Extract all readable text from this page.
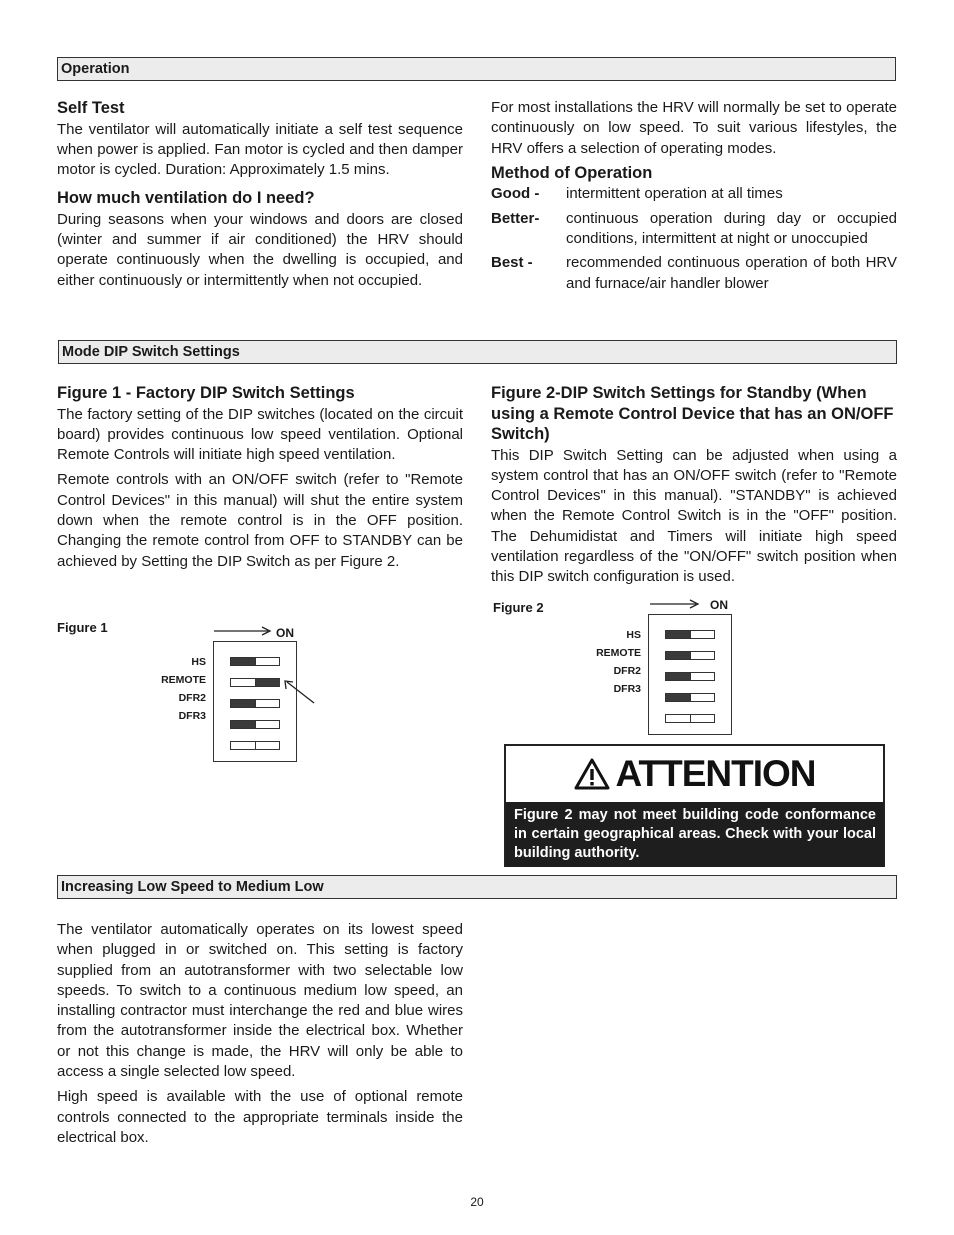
Operation
Self Test

The ventilator will automatically initiate a self test sequence when power is applied. Fan motor is cycled and then damper motor is cycled. Duration: Approximately 1.5 mins.

How much ventilation do I need?

During seasons when your windows and doors are closed (winter and summer if air conditioned) the HRV should operate continuously when the dwelling is occupied, and either continuously or intermittently when not occupied.

For most installations the HRV will normally be set to operate continuously on low speed. To suit various lifestyles, the HRV offers a selection of operating modes.

Method of Operation
Good -	intermittent operation at all times
Better-	continuous operation during day or occupied conditions, intermittent at night or unoccupied
Best -	recommended continuous operation of both HRV and furnace/air handler blower
Mode DIP Switch Settings
Figure 1 - Factory DIP Switch Settings

The factory setting of the DIP switches (located on the circuit board) provides continuous low speed ventilation. Optional Remote Controls will initiate high speed ventilation.

Remote controls with an ON/OFF switch (refer to "Remote Control Devices" in this manual) will shut the entire system down when the remote control is in the OFF position. Changing the remote control from OFF to STANDBY can be achieved by Setting the DIP Switch as per Figure 2.

Figure 2-DIP Switch Settings for Standby (When using a Remote Control Device that has an ON/OFF Switch)

This DIP Switch Setting can be adjusted when using a system control that has an ON/OFF switch (refer to "Remote Control Devices" in this manual). "STANDBY" is achieved when the Remote Control Switch is in the "OFF" position. The Dehumidistat and Timers will initiate high speed ventilation regardless of the "ON/OFF" switch position when this DIP switch configuration is used.

Figure 1	ON
HS
REMOTE
DFR2
DFR3
Figure 2	ON
HS
REMOTE
DFR2
DFR3
ATTENTION
Figure 2 may not meet building code conformance in certain geographical areas. Check with your local building authority.
Increasing Low Speed to Medium Low

The ventilator automatically operates on its lowest speed when plugged in or switched on. This setting is factory supplied from an autotransformer with two selectable low speeds. To switch to a continuous medium low speed, an installing contractor must interchange the red and blue wires from the autotransformer inside the electrical box. Whether or not this change is made, the HRV will only be able to access a single selected low speed.

High speed is available with the use of optional remote controls connected to the appropriate terminals inside the electrical box.

20
